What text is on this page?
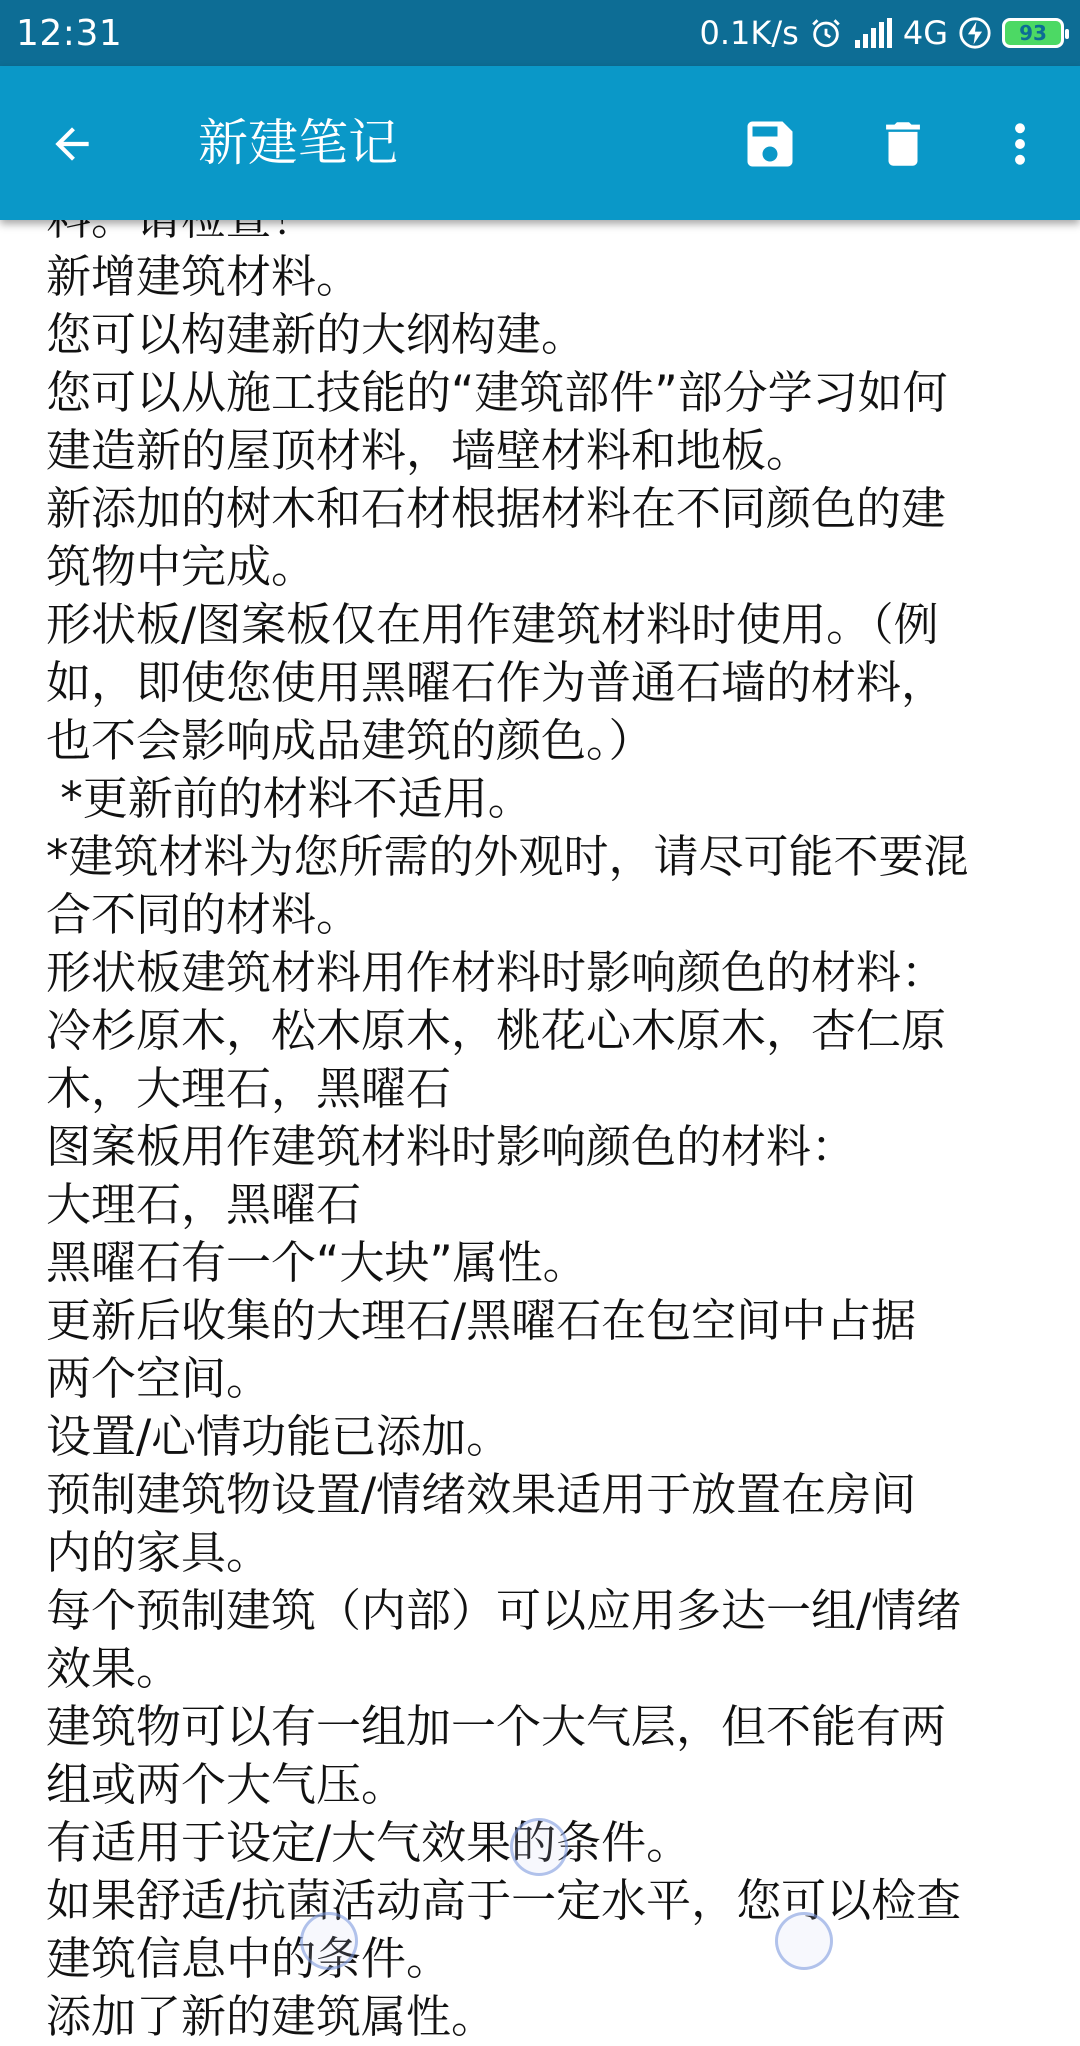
12:31	0.1K/s	4G	93
新建笔记
新增建筑材料。
您可以构建新的大纲构建。
您可以从施工技能的“建筑部件”部分学习如何
建造新的屋顶材料，墙壁材料和地板。
新添加的树木和石材根据材料在不同颜色的建
筑物中完成。
形状板/图案板仅在用作建筑材料时使用。（例
如，即使您使用黑曜石作为普通石墙的材料，
也不会影响成品建筑的颜色。）
*更新前的材料不适用。
*建筑材料为您所需的外观时，请尽可能不要混
合不同的材料。
形状板建筑材料用作材料时影响颜色的材料：
冷杉原木，松木原木，桃花心木原木，杏仁原
木，大理石，黑曜石
图案板用作建筑材料时影响颜色的材料：
大理石，黑曜石
黑曜石有一个“大块”属性。
更新后收集的大理石/黑曜石在包空间中占据
两个空间。
设置/心情功能已添加。
预制建筑物设置/情绪效果适用于放置在房间
内的家具。
每个预制建筑（内部）可以应用多达一组/情绪
效果。
建筑物可以有一组加一个大气层，但不能有两
组或两个大气压。
有适用于设定/大气效果的条件。
如果舒适/抗菌活动高于一定水平，您可以检查
建筑信息中的条件。
添加了新的建筑属性。
